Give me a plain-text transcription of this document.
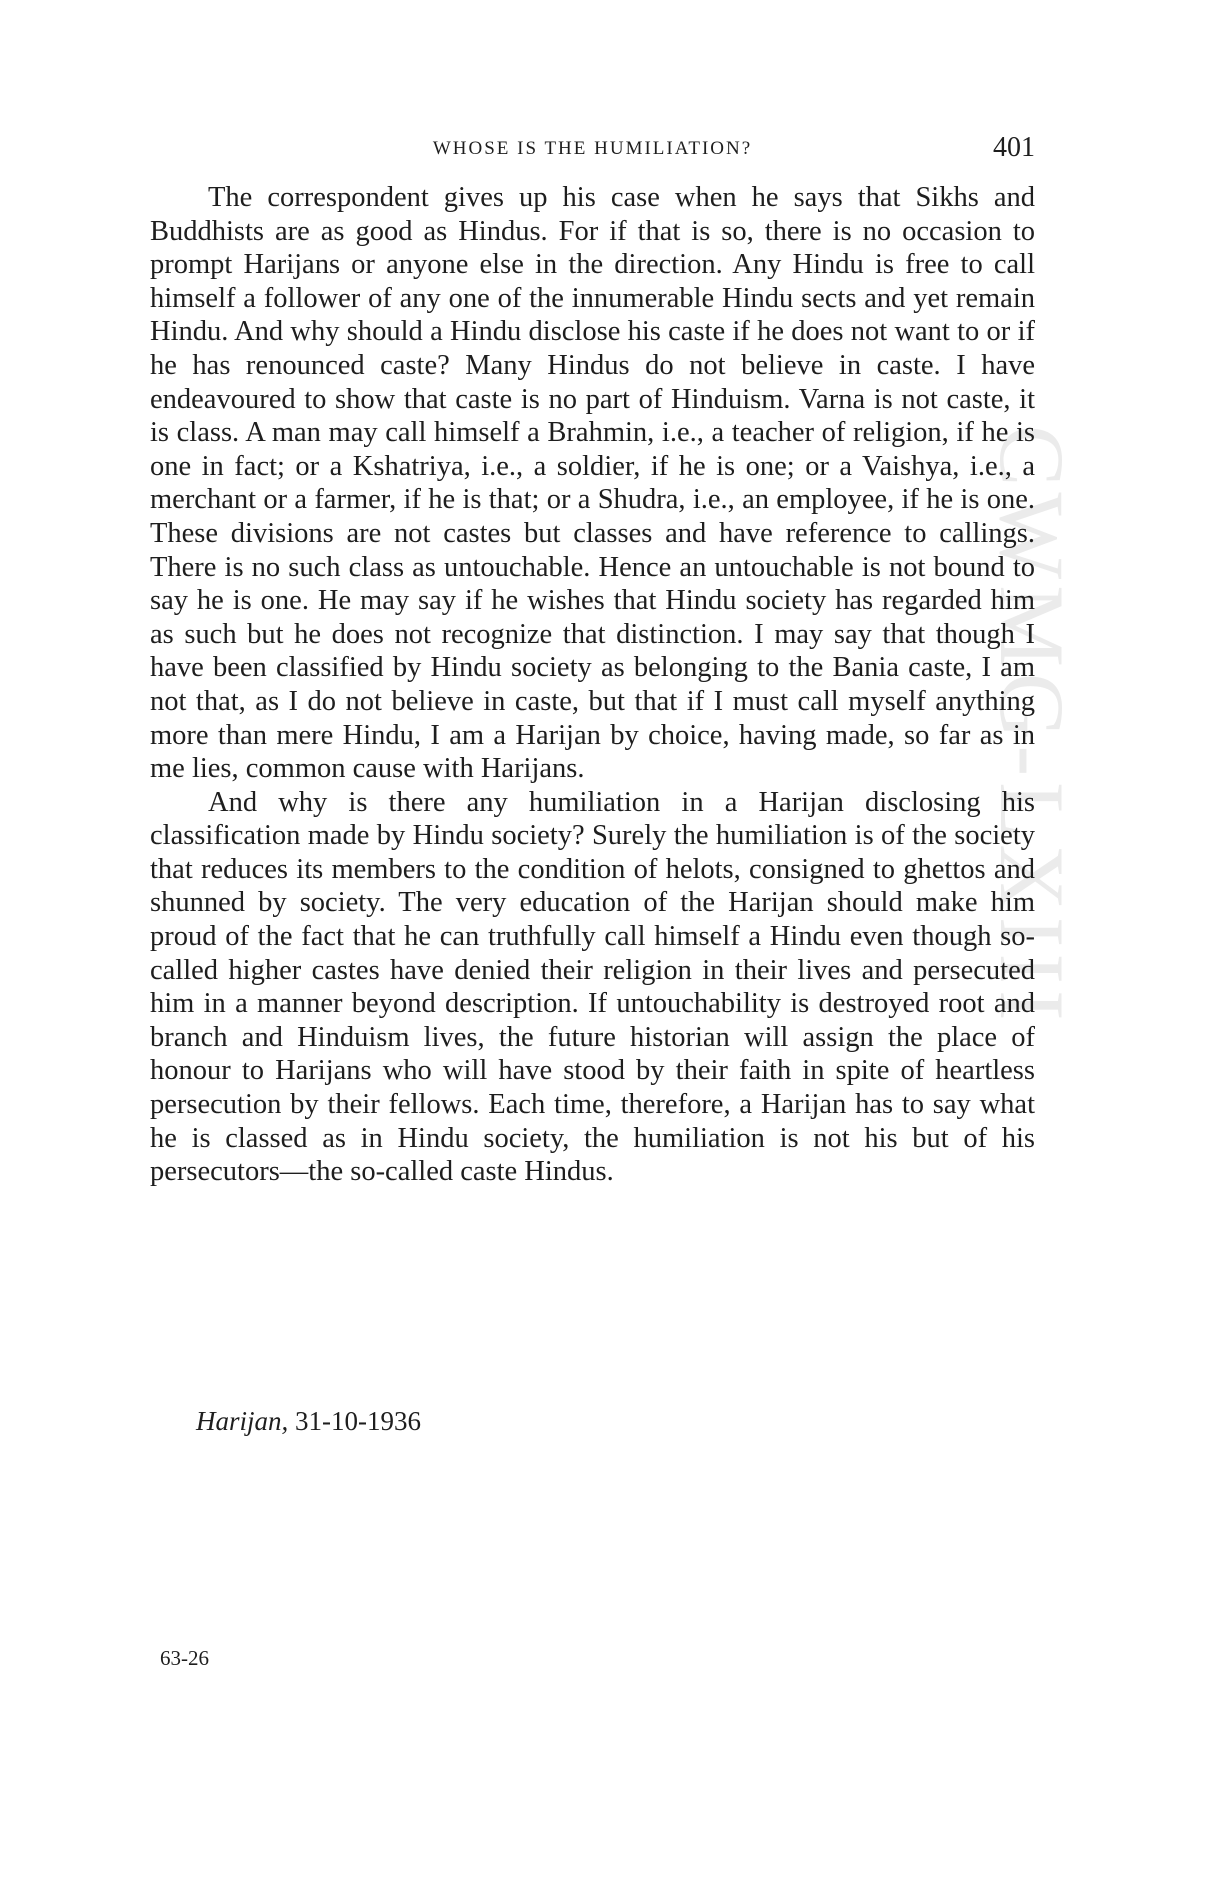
WHOSE IS THE HUMILIATION?	401
CWMG-LXIII

The correspondent gives up his case when he says that Sikhs and Buddhists are as good as Hindus. For if that is so, there is no occasion to prompt Harijans or anyone else in the direction. Any Hindu is free to call himself a follower of any one of the innumerable Hindu sects and yet remain Hindu. And why should a Hindu disclose his caste if he does not want to or if he has renounced caste? Many Hindus do not believe in caste. I have endeavoured to show that caste is no part of Hinduism. Varna is not caste, it is class. A man may call himself a Brahmin, i.e., a teacher of religion, if he is one in fact; or a Kshatriya, i.e., a soldier, if he is one; or a Vaishya, i.e., a merchant or a farmer, if he is that; or a Shudra, i.e., an employee, if he is one. These divisions are not castes but classes and have reference to callings. There is no such class as untouchable. Hence an untouchable is not bound to say he is one. He may say if he wishes that Hindu society has regarded him as such but he does not recognize that distinction. I may say that though I have been classified by Hindu society as belonging to the Bania caste, I am not that, as I do not believe in caste, but that if I must call myself anything more than mere Hindu, I am a Harijan by choice, having made, so far as in me lies, common cause with Harijans.

And why is there any humiliation in a Harijan disclosing his classification made by Hindu society? Surely the humiliation is of the society that reduces its members to the condition of helots, consigned to ghettos and shunned by society. The very education of the Harijan should make him proud of the fact that he can truthfully call himself a Hindu even though so-called higher castes have denied their religion in their lives and persecuted him in a manner beyond description. If untouchability is destroyed root and branch and Hinduism lives, the future historian will assign the place of honour to Harijans who will have stood by their faith in spite of heartless persecution by their fellows. Each time, therefore, a Harijan has to say what he is classed as in Hindu society, the humiliation is not his but of his persecutors—the so-called caste Hindus.

Harijan, 31-10-1936
63-26
